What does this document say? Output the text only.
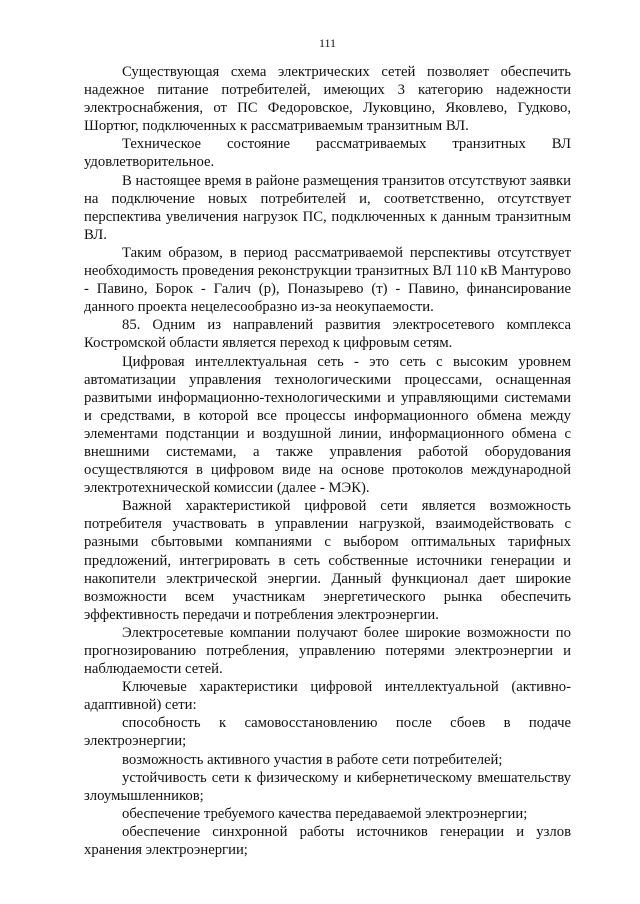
111

Существующая схема электрических сетей позволяет обеспечить надежное питание потребителей, имеющих 3 категорию надежности электроснабжения, от ПС Федоровское, Луковцино, Яковлево, Гудково, Шортюг, подключенных к рассматриваемым транзитным ВЛ.

Техническое состояние рассматриваемых транзитных ВЛ удовлетворительное.

В настоящее время в районе размещения транзитов отсутствуют заявки на подключение новых потребителей и, соответственно, отсутствует перспектива увеличения нагрузок ПС, подключенных к данным транзитным ВЛ.

Таким образом, в период рассматриваемой перспективы отсутствует необходимость проведения реконструкции транзитных ВЛ 110 кВ Мантурово - Павино, Борок - Галич (р), Поназырево (т) - Павино, финансирование данного проекта нецелесообразно из-за неокупаемости.

85. Одним из направлений развития электросетевого комплекса Костромской области является переход к цифровым сетям.

Цифровая интеллектуальная сеть - это сеть с высоким уровнем автоматизации управления технологическими процессами, оснащенная развитыми информационно-технологическими и управляющими системами и средствами, в которой все процессы информационного обмена между элементами подстанции и воздушной линии, информационного обмена с внешними системами, а также управления работой оборудования осуществляются в цифровом виде на основе протоколов международной электротехнической комиссии (далее - МЭК).

Важной характеристикой цифровой сети является возможность потребителя участвовать в управлении нагрузкой, взаимодействовать с разными сбытовыми компаниями с выбором оптимальных тарифных предложений, интегрировать в сеть собственные источники генерации и накопители электрической энергии. Данный функционал дает широкие возможности всем участникам энергетического рынка обеспечить эффективность передачи и потребления электроэнергии.

Электросетевые компании получают более широкие возможности по прогнозированию потребления, управлению потерями электроэнергии и наблюдаемости сетей.

Ключевые характеристики цифровой интеллектуальной (активно-адаптивной) сети:

способность к самовосстановлению после сбоев в подаче электроэнергии;

возможность активного участия в работе сети потребителей;

устойчивость сети к физическому и кибернетическому вмешательству злоумышленников;

обеспечение требуемого качества передаваемой электроэнергии;

обеспечение синхронной работы источников генерации и узлов хранения электроэнергии;
